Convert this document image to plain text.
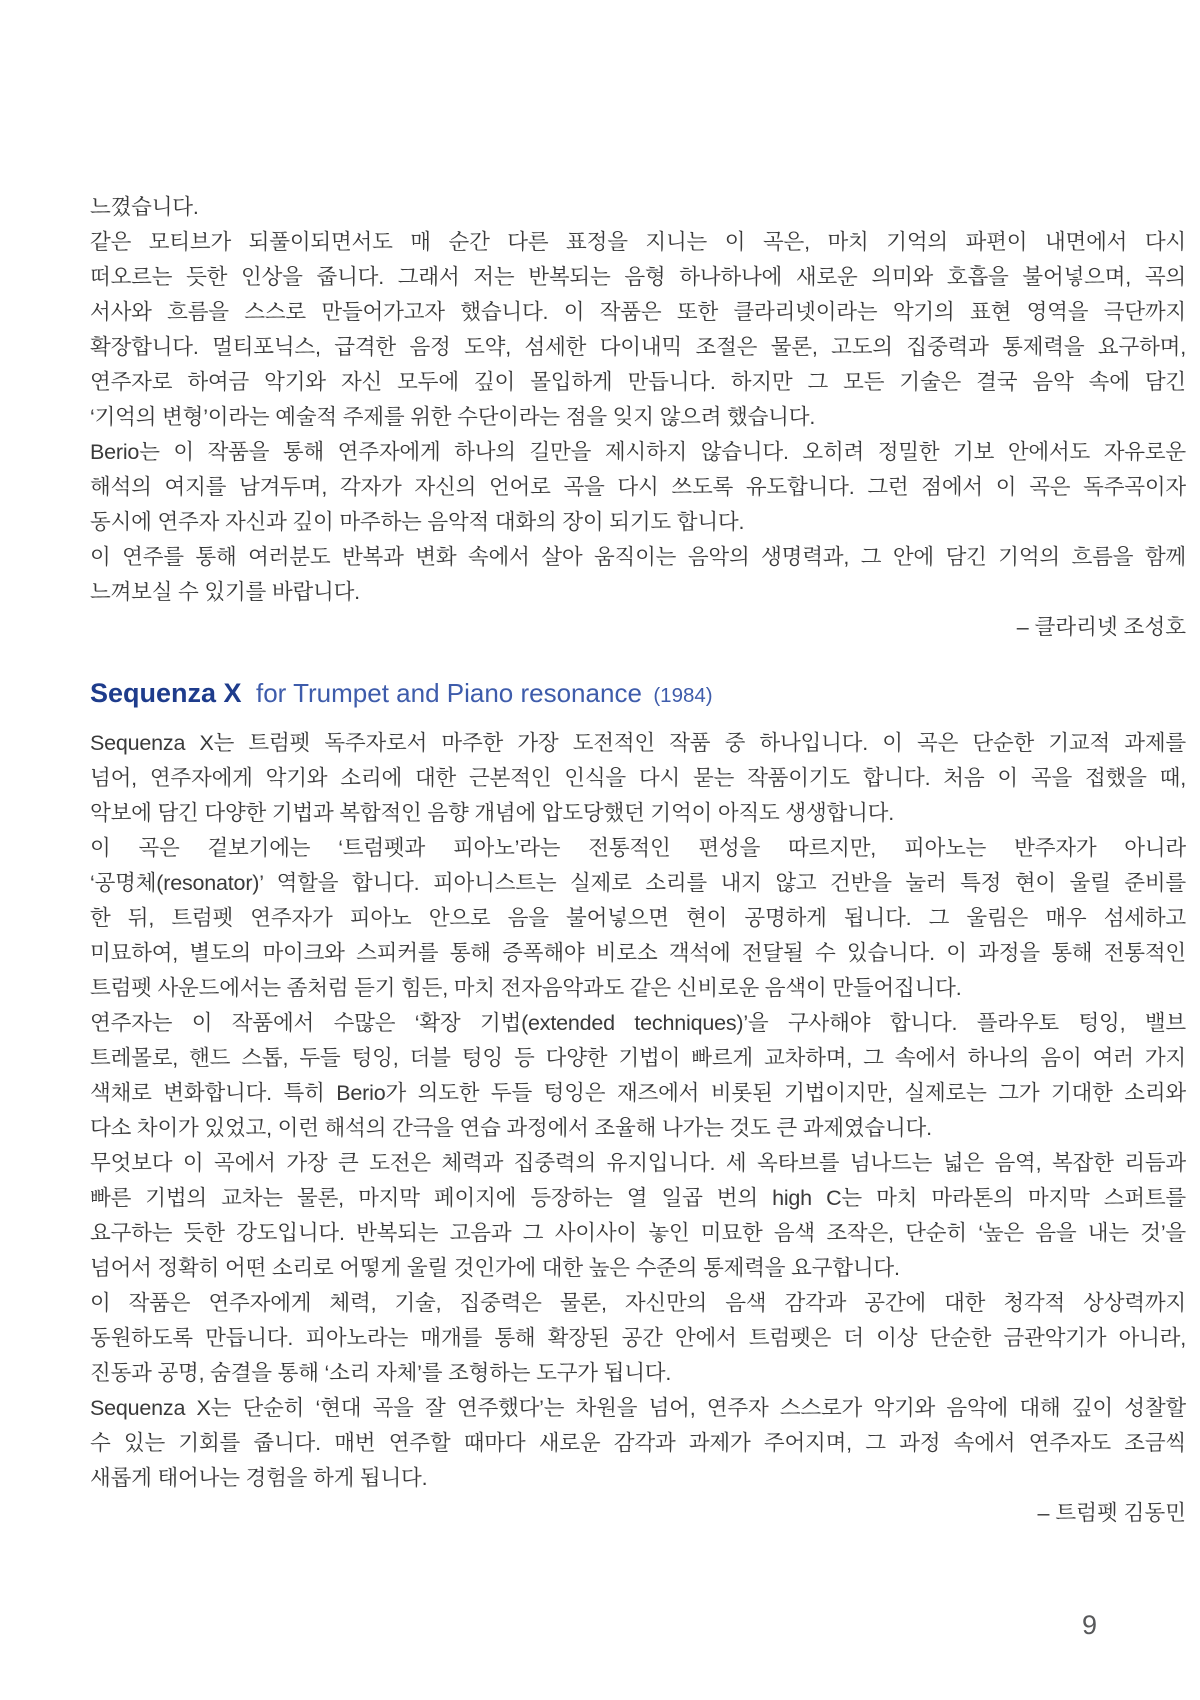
느꼈습니다.
같은 모티브가 되풀이되면서도 매 순간 다른 표정을 지니는 이 곡은, 마치 기억의 파편이 내면에서 다시
떠오르는 듯한 인상을 줍니다. 그래서 저는 반복되는 음형 하나하나에 새로운 의미와 호흡을 불어넣으며, 곡의
서사와 흐름을 스스로 만들어가고자 했습니다. 이 작품은 또한 클라리넷이라는 악기의 표현 영역을 극단까지
확장합니다. 멀티포닉스, 급격한 음정 도약, 섬세한 다이내믹 조절은 물론, 고도의 집중력과 통제력을 요구하며,
연주자로 하여금 악기와 자신 모두에 깊이 몰입하게 만듭니다. 하지만 그 모든 기술은 결국 음악 속에 담긴
‘기억의 변형’이라는 예술적 주제를 위한 수단이라는 점을 잊지 않으려 했습니다.
Berio는 이 작품을 통해 연주자에게 하나의 길만을 제시하지 않습니다. 오히려 정밀한 기보 안에서도 자유로운
해석의 여지를 남겨두며, 각자가 자신의 언어로 곡을 다시 쓰도록 유도합니다. 그런 점에서 이 곡은 독주곡이자
동시에 연주자 자신과 깊이 마주하는 음악적 대화의 장이 되기도 합니다.
이 연주를 통해 여러분도 반복과 변화 속에서 살아 움직이는 음악의 생명력과, 그 안에 담긴 기억의 흐름을 함께
느껴보실 수 있기를 바랍니다.
– 클라리넷 조성호
Sequenza X for Trumpet and Piano resonance (1984)
Sequenza X는 트럼펫 독주자로서 마주한 가장 도전적인 작품 중 하나입니다. 이 곡은 단순한 기교적 과제를
넘어, 연주자에게 악기와 소리에 대한 근본적인 인식을 다시 묻는 작품이기도 합니다. 처음 이 곡을 접했을 때,
악보에 담긴 다양한 기법과 복합적인 음향 개념에 압도당했던 기억이 아직도 생생합니다.
이 곡은 겉보기에는 ‘트럼펫과 피아노’라는 전통적인 편성을 따르지만, 피아노는 반주자가 아니라
‘공명체(resonator)’ 역할을 합니다. 피아니스트는 실제로 소리를 내지 않고 건반을 눌러 특정 현이 울릴 준비를
한 뒤, 트럼펫 연주자가 피아노 안으로 음을 불어넣으면 현이 공명하게 됩니다. 그 울림은 매우 섬세하고
미묘하여, 별도의 마이크와 스피커를 통해 증폭해야 비로소 객석에 전달될 수 있습니다. 이 과정을 통해 전통적인
트럼펫 사운드에서는 좀처럼 듣기 힘든, 마치 전자음악과도 같은 신비로운 음색이 만들어집니다.
연주자는 이 작품에서 수많은 ‘확장 기법(extended techniques)’을 구사해야 합니다. 플라우토 텅잉, 밸브
트레몰로, 핸드 스톱, 두들 텅잉, 더블 텅잉 등 다양한 기법이 빠르게 교차하며, 그 속에서 하나의 음이 여러 가지
색채로 변화합니다. 특히 Berio가 의도한 두들 텅잉은 재즈에서 비롯된 기법이지만, 실제로는 그가 기대한 소리와
다소 차이가 있었고, 이런 해석의 간극을 연습 과정에서 조율해 나가는 것도 큰 과제였습니다.
무엇보다 이 곡에서 가장 큰 도전은 체력과 집중력의 유지입니다. 세 옥타브를 넘나드는 넓은 음역, 복잡한 리듬과
빠른 기법의 교차는 물론, 마지막 페이지에 등장하는 열 일곱 번의 high C는 마치 마라톤의 마지막 스퍼트를
요구하는 듯한 강도입니다. 반복되는 고음과 그 사이사이 놓인 미묘한 음색 조작은, 단순히 ‘높은 음을 내는 것’을
넘어서 정확히 어떤 소리로 어떻게 울릴 것인가에 대한 높은 수준의 통제력을 요구합니다.
이 작품은 연주자에게 체력, 기술, 집중력은 물론, 자신만의 음색 감각과 공간에 대한 청각적 상상력까지
동원하도록 만듭니다. 피아노라는 매개를 통해 확장된 공간 안에서 트럼펫은 더 이상 단순한 금관악기가 아니라,
진동과 공명, 숨결을 통해 ‘소리 자체’를 조형하는 도구가 됩니다.
Sequenza X는 단순히 ‘현대 곡을 잘 연주했다’는 차원을 넘어, 연주자 스스로가 악기와 음악에 대해 깊이 성찰할
수 있는 기회를 줍니다. 매번 연주할 때마다 새로운 감각과 과제가 주어지며, 그 과정 속에서 연주자도 조금씩
새롭게 태어나는 경험을 하게 됩니다.
– 트럼펫 김동민
9
